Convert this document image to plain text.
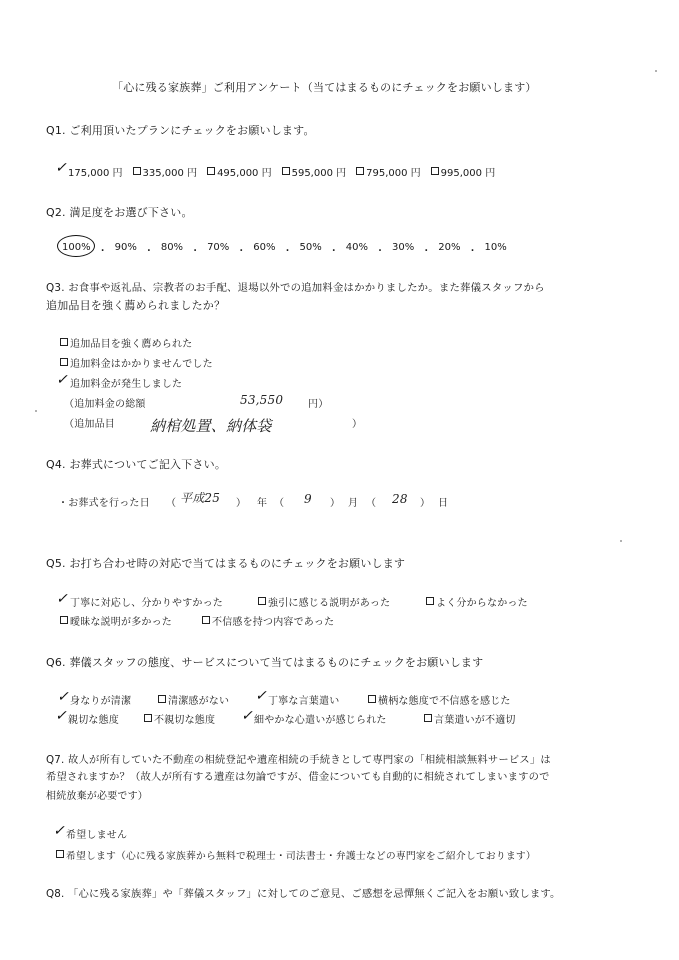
「心に残る家族葬」ご利用アンケート（当てはまるものにチェックをお願いします）
Q1. ご利用頂いたプランにチェックをお願いします。
✓ 175,000 円	335,000 円	495,000 円	595,000 円	795,000 円	995,000 円
Q2. 満足度をお選び下さい。
100% ・ 90% ・ 80% ・ 70% ・ 60% ・ 50% ・ 40% ・ 30% ・ 20% ・ 10%
Q3. お食事や返礼品、宗教者のお手配、退場以外での追加料金はかかりましたか。また葬儀スタッフから
追加品目を強く薦められましたか？
追加品目を強く薦められた
追加料金はかかりませんでした
✓ 追加料金が発生しました
（追加料金の総額	53,550 円）
（追加品目 納棺処置、納体袋	）
Q4. お葬式についてご記入下さい。
・お葬式を行った日 （ 平成25 ） 年 （ 9 ） 月 （ 28 ） 日
Q5. お打ち合わせ時の対応で当てはまるものにチェックをお願いします
✓ 丁寧に対応し、分かりやすかった	強引に感じる説明があった	よく分からなかった
曖昧な説明が多かった	不信感を持つ内容であった
Q6. 葬儀スタッフの態度、サービスについて当てはまるものにチェックをお願いします
✓ 身なりが清潔	清潔感がない ✓ 丁寧な言葉遣い	横柄な態度で不信感を感じた
✓ 親切な態度	不親切な態度 ✓ 細やかな心遣いが感じられた	言葉遣いが不適切
Q7. 故人が所有していた不動産の相続登記や遺産相続の手続きとして専門家の「相続相談無料サービス」は
希望されますか？（故人が所有する遺産は勿論ですが、借金についても自動的に相続されてしまいますので
相続放棄が必要です）
✓ 希望しません
希望します（心に残る家族葬から無料で税理士・司法書士・弁護士などの専門家をご紹介しております）
Q8. 「心に残る家族葬」や「葬儀スタッフ」に対してのご意見、ご感想を忌憚無くご記入をお願い致します。
